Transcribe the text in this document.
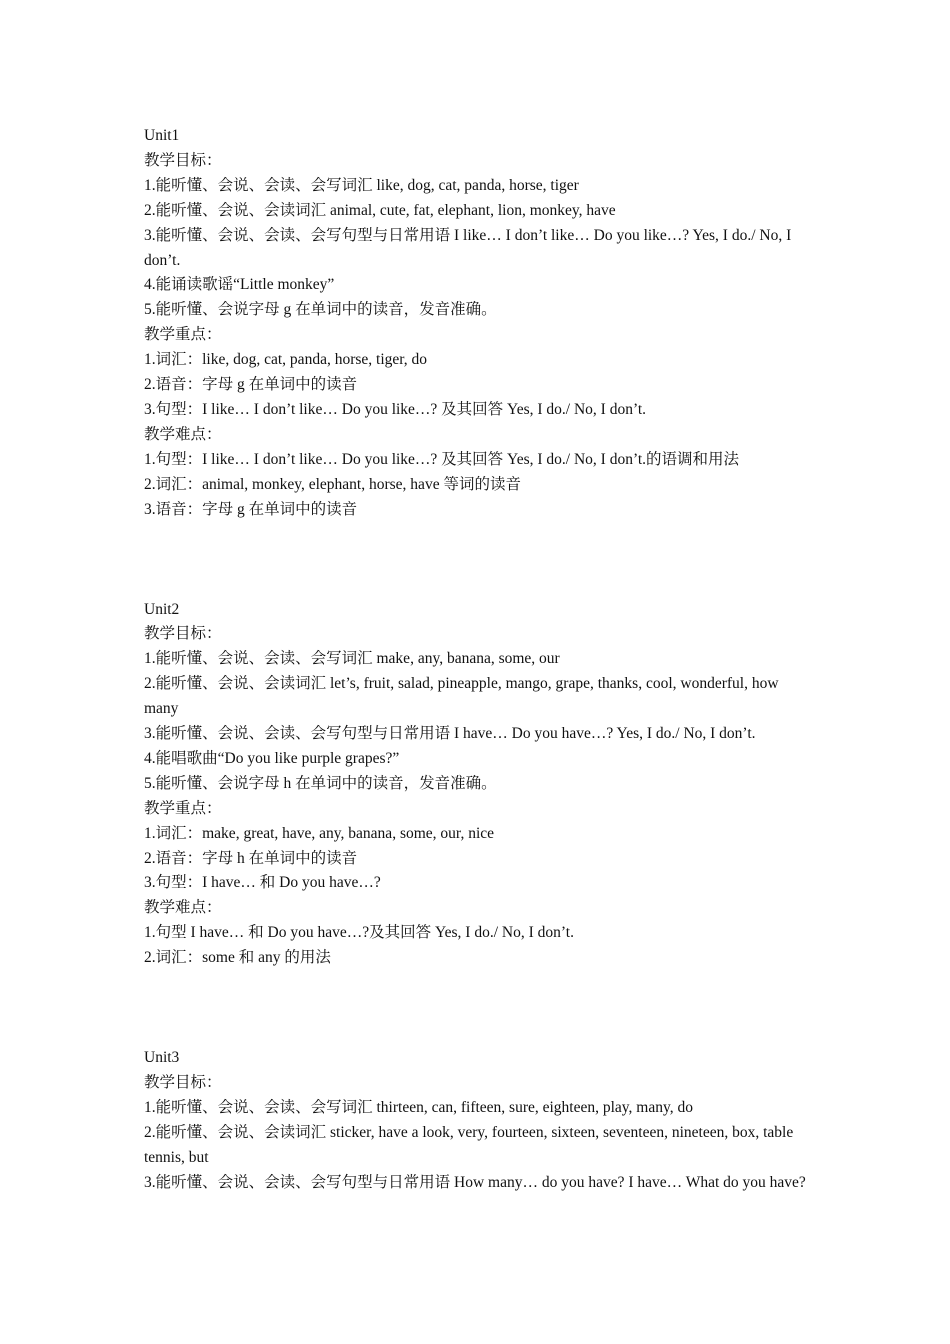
Unit1

教学目标：

1.能听懂、会说、会读、会写词汇 like, dog, cat, panda, horse, tiger

2.能听懂、会说、会读词汇 animal, cute, fat, elephant, lion, monkey, have

3.能听懂、会说、会读、会写句型与日常用语 I like… I don’t like… Do you like…? Yes, I do./ No, I don’t.

4.能诵读歌谣“Little monkey”

5.能听懂、会说字母 g 在单词中的读音，发音准确。

教学重点：

1.词汇：like, dog, cat, panda, horse, tiger, do

2.语音：字母 g 在单词中的读音

3.句型：I like… I don’t like… Do you like…? 及其回答 Yes, I do./ No, I don’t.

教学难点：

1.句型：I like… I don’t like… Do you like…? 及其回答 Yes, I do./ No, I don’t.的语调和用法

2.词汇：animal, monkey, elephant, horse, have 等词的读音

3.语音：字母 g 在单词中的读音

Unit2

教学目标：

1.能听懂、会说、会读、会写词汇 make, any, banana, some, our

2.能听懂、会说、会读词汇 let’s, fruit, salad, pineapple, mango, grape, thanks, cool, wonderful, how many

3.能听懂、会说、会读、会写句型与日常用语 I have… Do you have…? Yes, I do./ No, I don’t.

4.能唱歌曲“Do you like purple grapes?”

5.能听懂、会说字母 h 在单词中的读音，发音准确。

教学重点：

1.词汇：make, great, have, any, banana, some, our, nice

2.语音：字母 h 在单词中的读音

3.句型：I have… 和 Do you have…?

教学难点：

1.句型 I have… 和 Do you have…?及其回答 Yes, I do./ No, I don’t.

2.词汇：some 和 any 的用法

Unit3

教学目标：

1.能听懂、会说、会读、会写词汇 thirteen, can, fifteen, sure, eighteen, play, many, do

2.能听懂、会说、会读词汇 sticker, have a look, very, fourteen, sixteen, seventeen, nineteen, box, table tennis, but

3.能听懂、会说、会读、会写句型与日常用语 How many… do you have? I have… What do you have?
